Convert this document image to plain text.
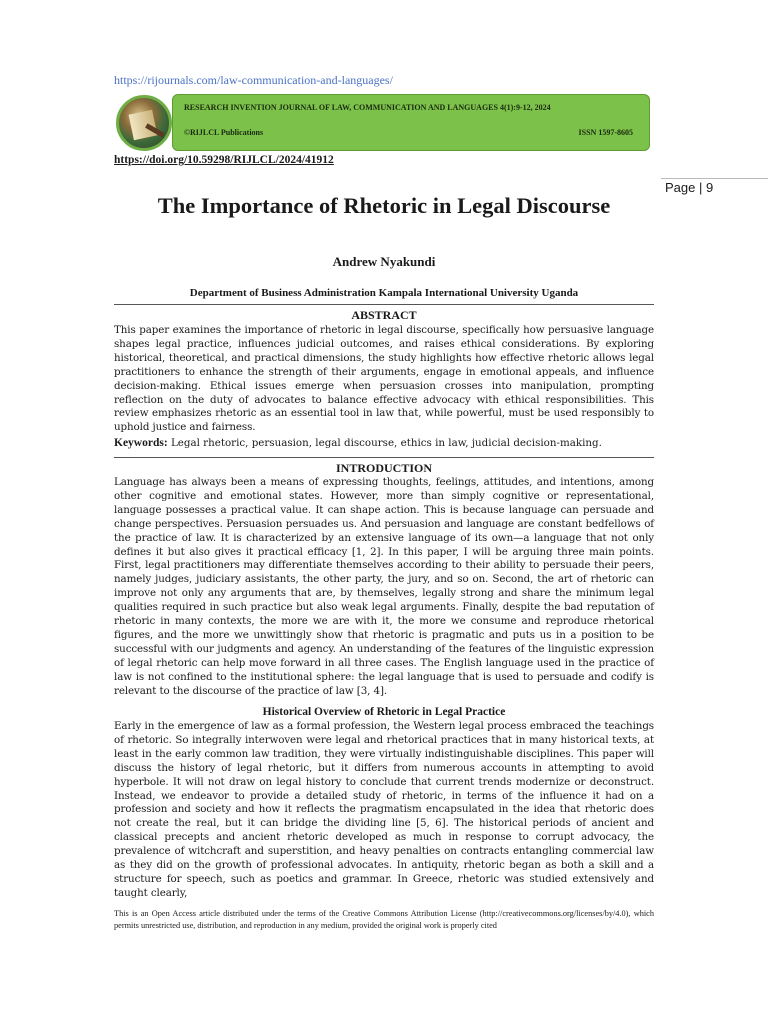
https://rijournals.com/law-communication-and-languages/
RESEARCH INVENTION JOURNAL OF LAW, COMMUNICATION AND LANGUAGES 4(1):9-12, 2024
©RIJLCL Publications	ISSN 1597-8605
https://doi.org/10.59298/RIJLCL/2024/41912
Page | 9
The Importance of Rhetoric in Legal Discourse
Andrew Nyakundi
Department of Business Administration Kampala International University Uganda
ABSTRACT
This paper examines the importance of rhetoric in legal discourse, specifically how persuasive language shapes legal practice, influences judicial outcomes, and raises ethical considerations. By exploring historical, theoretical, and practical dimensions, the study highlights how effective rhetoric allows legal practitioners to enhance the strength of their arguments, engage in emotional appeals, and influence decision-making. Ethical issues emerge when persuasion crosses into manipulation, prompting reflection on the duty of advocates to balance effective advocacy with ethical responsibilities. This review emphasizes rhetoric as an essential tool in law that, while powerful, must be used responsibly to uphold justice and fairness.
Keywords: Legal rhetoric, persuasion, legal discourse, ethics in law, judicial decision-making.
INTRODUCTION
Language has always been a means of expressing thoughts, feelings, attitudes, and intentions, among other cognitive and emotional states. However, more than simply cognitive or representational, language possesses a practical value. It can shape action. This is because language can persuade and change perspectives. Persuasion persuades us. And persuasion and language are constant bedfellows of the practice of law. It is characterized by an extensive language of its own—a language that not only defines it but also gives it practical efficacy [1, 2]. In this paper, I will be arguing three main points. First, legal practitioners may differentiate themselves according to their ability to persuade their peers, namely judges, judiciary assistants, the other party, the jury, and so on. Second, the art of rhetoric can improve not only any arguments that are, by themselves, legally strong and share the minimum legal qualities required in such practice but also weak legal arguments. Finally, despite the bad reputation of rhetoric in many contexts, the more we are with it, the more we consume and reproduce rhetorical figures, and the more we unwittingly show that rhetoric is pragmatic and puts us in a position to be successful with our judgments and agency. An understanding of the features of the linguistic expression of legal rhetoric can help move forward in all three cases. The English language used in the practice of law is not confined to the institutional sphere: the legal language that is used to persuade and codify is relevant to the discourse of the practice of law [3, 4].
Historical Overview of Rhetoric in Legal Practice
Early in the emergence of law as a formal profession, the Western legal process embraced the teachings of rhetoric. So integrally interwoven were legal and rhetorical practices that in many historical texts, at least in the early common law tradition, they were virtually indistinguishable disciplines. This paper will discuss the history of legal rhetoric, but it differs from numerous accounts in attempting to avoid hyperbole. It will not draw on legal history to conclude that current trends modernize or deconstruct. Instead, we endeavor to provide a detailed study of rhetoric, in terms of the influence it had on a profession and society and how it reflects the pragmatism encapsulated in the idea that rhetoric does not create the real, but it can bridge the dividing line [5, 6]. The historical periods of ancient and classical precepts and ancient rhetoric developed as much in response to corrupt advocacy, the prevalence of witchcraft and superstition, and heavy penalties on contracts entangling commercial law as they did on the growth of professional advocates. In antiquity, rhetoric began as both a skill and a structure for speech, such as poetics and grammar. In Greece, rhetoric was studied extensively and taught clearly,
This is an Open Access article distributed under the terms of the Creative Commons Attribution License (http://creativecommons.org/licenses/by/4.0), which permits unrestricted use, distribution, and reproduction in any medium, provided the original work is properly cited
